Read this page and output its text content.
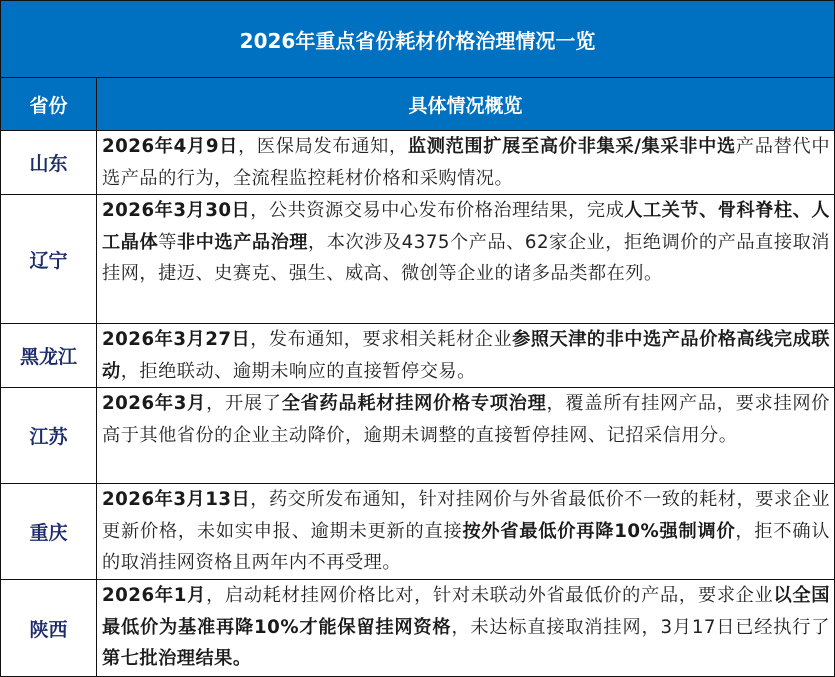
2026年重点省份耗材价格治理情况一览	
省份	具体情况概览
山东	2026年4月9日，医保局发布通知，监测范围扩展至高价非集采/集采非中选产品替代中选产品的行为，全流程监控耗材价格和采购情况。
辽宁	2026年3月30日，公共资源交易中心发布价格治理结果，完成人工关节、骨科脊柱、人工晶体等非中选产品治理，本次涉及4375个产品、62家企业，拒绝调价的产品直接取消挂网，捷迈、史赛克、强生、威高、微创等企业的诸多品类都在列。
黑龙江	2026年3月27日，发布通知，要求相关耗材企业参照天津的非中选产品价格高线完成联动，拒绝联动、逾期未响应的直接暂停交易。
江苏	2026年3月，开展了全省药品耗材挂网价格专项治理，覆盖所有挂网产品，要求挂网价高于其他省份的企业主动降价，逾期未调整的直接暂停挂网、记招采信用分。
重庆	2026年3月13日，药交所发布通知，针对挂网价与外省最低价不一致的耗材，要求企业更新价格，未如实申报、逾期未更新的直接按外省最低价再降10%强制调价，拒不确认的取消挂网资格且两年内不再受理。
陕西	2026年1月，启动耗材挂网价格比对，针对未联动外省最低价的产品，要求企业以全国最低价为基准再降10%才能保留挂网资格，未达标直接取消挂网，3月17日已经执行了第七批治理结果。
